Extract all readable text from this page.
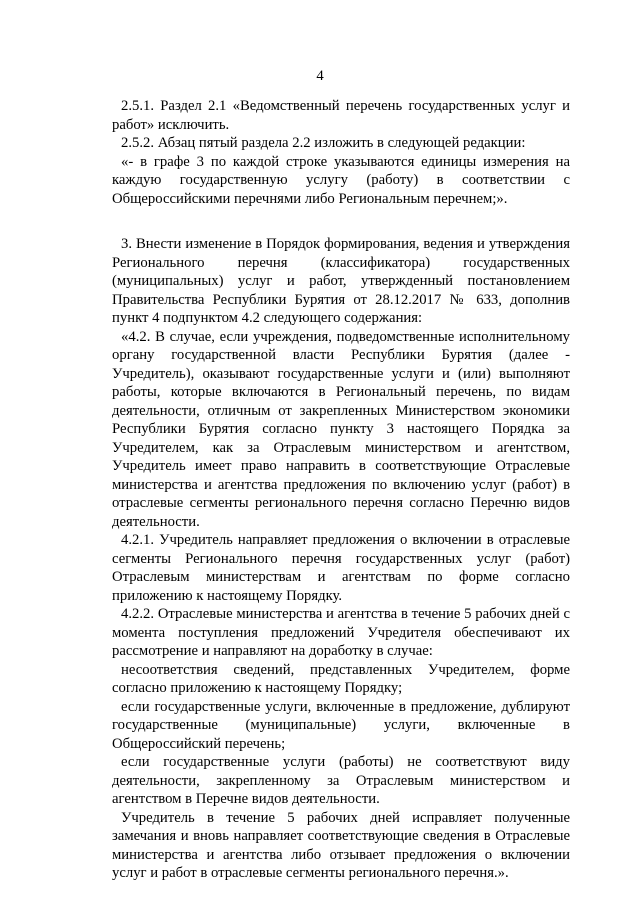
4

2.5.1. Раздел 2.1 «Ведомственный перечень государственных услуг и работ» исключить.

2.5.2. Абзац пятый раздела 2.2 изложить в следующей редакции:

«- в графе 3 по каждой строке указываются единицы измерения на каждую государственную услугу (работу) в соответствии с Общероссийскими перечнями либо Региональным перечнем;».

3. Внести изменение в Порядок формирования, ведения и утверждения Регионального перечня (классификатора) государственных (муниципальных) услуг и работ, утвержденный постановлением Правительства Республики Бурятия от 28.12.2017 № 633, дополнив пункт 4 подпунктом 4.2 следующего содержания:

«4.2. В случае, если учреждения, подведомственные исполнительному органу государственной власти Республики Бурятия (далее - Учредитель), оказывают государственные услуги и (или) выполняют работы, которые включаются в Региональный перечень, по видам деятельности, отличным от закрепленных Министерством экономики Республики Бурятия согласно пункту 3 настоящего Порядка за Учредителем, как за Отраслевым министерством и агентством, Учредитель имеет право направить в соответствующие Отраслевые министерства и агентства предложения по включению услуг (работ) в отраслевые сегменты регионального перечня согласно Перечню видов деятельности.

4.2.1. Учредитель направляет предложения о включении в отраслевые сегменты Регионального перечня государственных услуг (работ) Отраслевым министерствам и агентствам по форме согласно приложению к настоящему Порядку.

4.2.2. Отраслевые министерства и агентства в течение 5 рабочих дней с момента поступления предложений Учредителя обеспечивают их рассмотрение и направляют на доработку в случае:

несоответствия сведений, представленных Учредителем, форме согласно приложению к настоящему Порядку;

если государственные услуги, включенные в предложение, дублируют государственные (муниципальные) услуги, включенные в Общероссийский перечень;

если государственные услуги (работы) не соответствуют виду деятельности, закрепленному за Отраслевым министерством и агентством в Перечне видов деятельности.

Учредитель в течение 5 рабочих дней исправляет полученные замечания и вновь направляет соответствующие сведения в Отраслевые министерства и агентства либо отзывает предложения о включении услуг и работ в отраслевые сегменты регионального перечня.».
